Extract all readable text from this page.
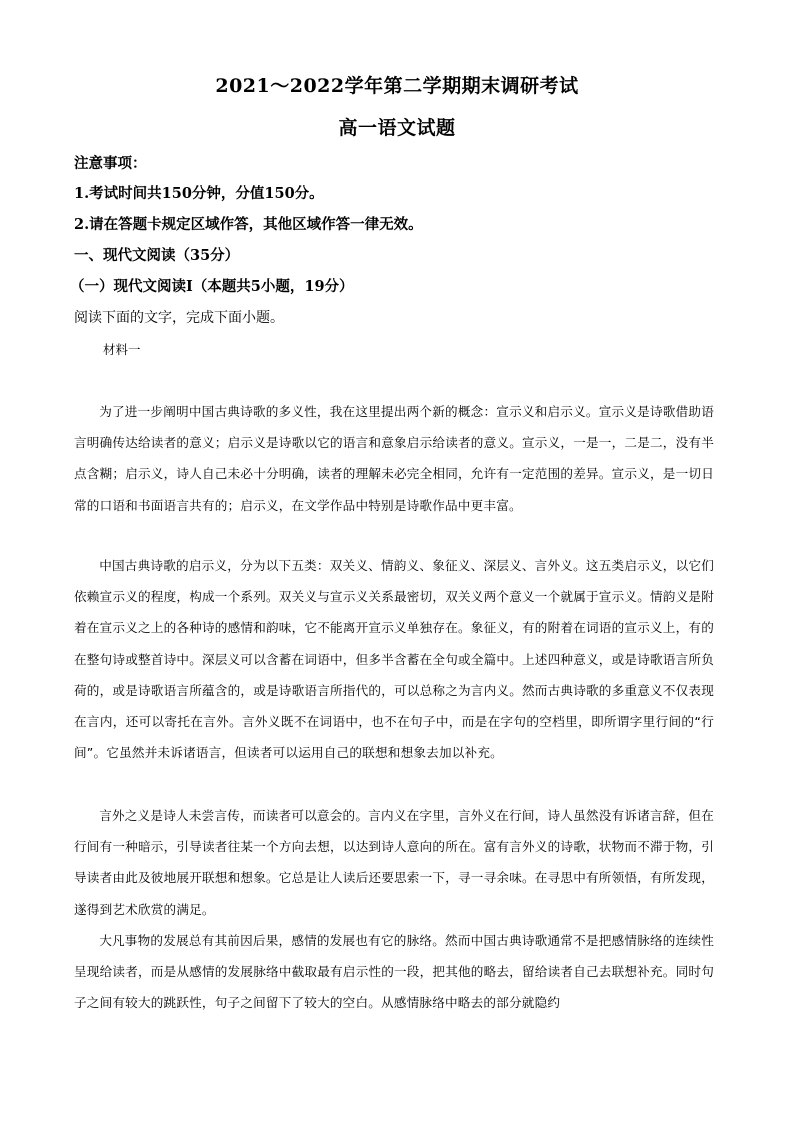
2021～2022学年第二学期期末调研考试
高一语文试题
注意事项：
1.考试时间共150分钟，分值150分。
2.请在答题卡规定区域作答，其他区域作答一律无效。
一、现代文阅读（35分）
（一）现代文阅读Ⅰ（本题共5小题，19分）
阅读下面的文字，完成下面小题。
材料一

为了进一步阐明中国古典诗歌的多义性，我在这里提出两个新的概念：宣示义和启示义。宣示义是诗歌借助语言明确传达给读者的意义；启示义是诗歌以它的语言和意象启示给读者的意义。宣示义，一是一，二是二，没有半点含糊；启示义，诗人自己未必十分明确，读者的理解未必完全相同，允许有一定范围的差异。宣示义，是一切日常的口语和书面语言共有的；启示义，在文学作品中特别是诗歌作品中更丰富。

中国古典诗歌的启示义，分为以下五类：双关义、情韵义、象征义、深层义、言外义。这五类启示义，以它们依赖宣示义的程度，构成一个系列。双关义与宣示义关系最密切，双关义两个意义一个就属于宣示义。情韵义是附着在宣示义之上的各种诗的感情和韵味，它不能离开宣示义单独存在。象征义，有的附着在词语的宣示义上，有的在整句诗或整首诗中。深层义可以含蓄在词语中，但多半含蓄在全句或全篇中。上述四种意义，或是诗歌语言所负荷的，或是诗歌语言所蕴含的，或是诗歌语言所指代的，可以总称之为言内义。然而古典诗歌的多重意义不仅表现在言内，还可以寄托在言外。言外义既不在词语中，也不在句子中，而是在字句的空档里，即所谓字里行间的“行间”。它虽然并未诉诸语言，但读者可以运用自己的联想和想象去加以补充。

言外之义是诗人未尝言传，而读者可以意会的。言内义在字里，言外义在行间，诗人虽然没有诉诸言辞，但在行间有一种暗示，引导读者往某一个方向去想，以达到诗人意向的所在。富有言外义的诗歌，状物而不滞于物，引导读者由此及彼地展开联想和想象。它总是让人读后还要思索一下，寻一寻余味。在寻思中有所领悟，有所发现，遂得到艺术欣赏的满足。

大凡事物的发展总有其前因后果，感情的发展也有它的脉络。然而中国古典诗歌通常不是把感情脉络的连续性呈现给读者，而是从感情的发展脉络中截取最有启示性的一段，把其他的略去，留给读者自己去联想补充。同时句子之间有较大的跳跃性，句子之间留下了较大的空白。从感情脉络中略去的部分就隐约
